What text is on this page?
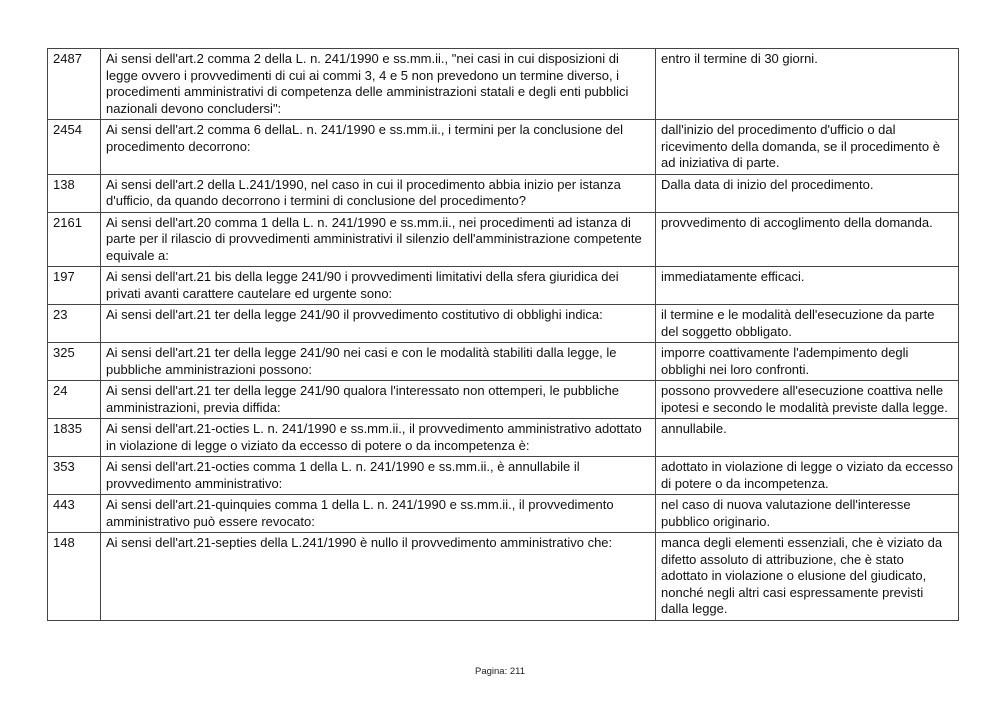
2487	Ai sensi dell'art.2 comma 2 della L. n. 241/1990 e ss.mm.ii., "nei casi in cui disposizioni di legge ovvero i provvedimenti di cui ai commi 3, 4 e 5 non prevedono un termine diverso, i procedimenti amministrativi di competenza delle amministrazioni statali e degli enti pubblici nazionali devono concludersi":	entro il termine di 30 giorni.
2454	Ai sensi dell'art.2 comma 6 dellaL. n. 241/1990 e ss.mm.ii., i termini per la conclusione del procedimento decorrono:	dall'inizio del procedimento d'ufficio o dal ricevimento della domanda, se il procedimento è ad iniziativa di parte.
138	Ai sensi dell'art.2 della L.241/1990, nel caso in cui il procedimento abbia inizio per istanza d'ufficio, da quando decorrono i termini di conclusione del procedimento?	Dalla data di inizio del procedimento.
2161	Ai sensi dell'art.20 comma 1 della L. n. 241/1990 e ss.mm.ii., nei procedimenti ad istanza di parte per il rilascio di provvedimenti amministrativi il silenzio dell'amministrazione competente equivale a:	provvedimento di accoglimento della domanda.
197	Ai sensi dell'art.21 bis della legge 241/90 i provvedimenti limitativi della sfera giuridica dei privati avanti carattere cautelare ed urgente sono:	immediatamente efficaci.
23	Ai sensi dell'art.21 ter della legge 241/90 il provvedimento costitutivo di obblighi indica:	il termine e le modalità dell'esecuzione da parte del soggetto obbligato.
325	Ai sensi dell'art.21 ter della legge 241/90 nei casi e con le modalità stabiliti dalla legge, le pubbliche amministrazioni possono:	imporre coattivamente l'adempimento degli obblighi nei loro confronti.
24	Ai sensi dell'art.21 ter della legge 241/90 qualora l'interessato non ottemperi, le pubbliche amministrazioni, previa diffida:	possono provvedere all'esecuzione coattiva nelle ipotesi e secondo le modalità previste dalla legge.
1835	Ai sensi dell'art.21-octies L. n. 241/1990 e ss.mm.ii., il provvedimento amministrativo adottato in violazione di legge o viziato da eccesso di potere o da incompetenza è:	annullabile.
353	Ai sensi dell'art.21-octies comma 1 della L. n. 241/1990 e ss.mm.ii., è annullabile il provvedimento amministrativo:	adottato in violazione di legge o viziato da eccesso di potere o da incompetenza.
443	Ai sensi dell'art.21-quinquies comma 1 della L. n. 241/1990 e ss.mm.ii., il provvedimento amministrativo può essere revocato:	nel caso di nuova valutazione dell'interesse pubblico originario.
148	Ai sensi dell'art.21-septies della L.241/1990 è nullo il provvedimento amministrativo che:	manca degli elementi essenziali, che è viziato da difetto assoluto di attribuzione, che è stato adottato in violazione o elusione del giudicato, nonché negli altri casi espressamente previsti dalla legge.
Pagina: 211
